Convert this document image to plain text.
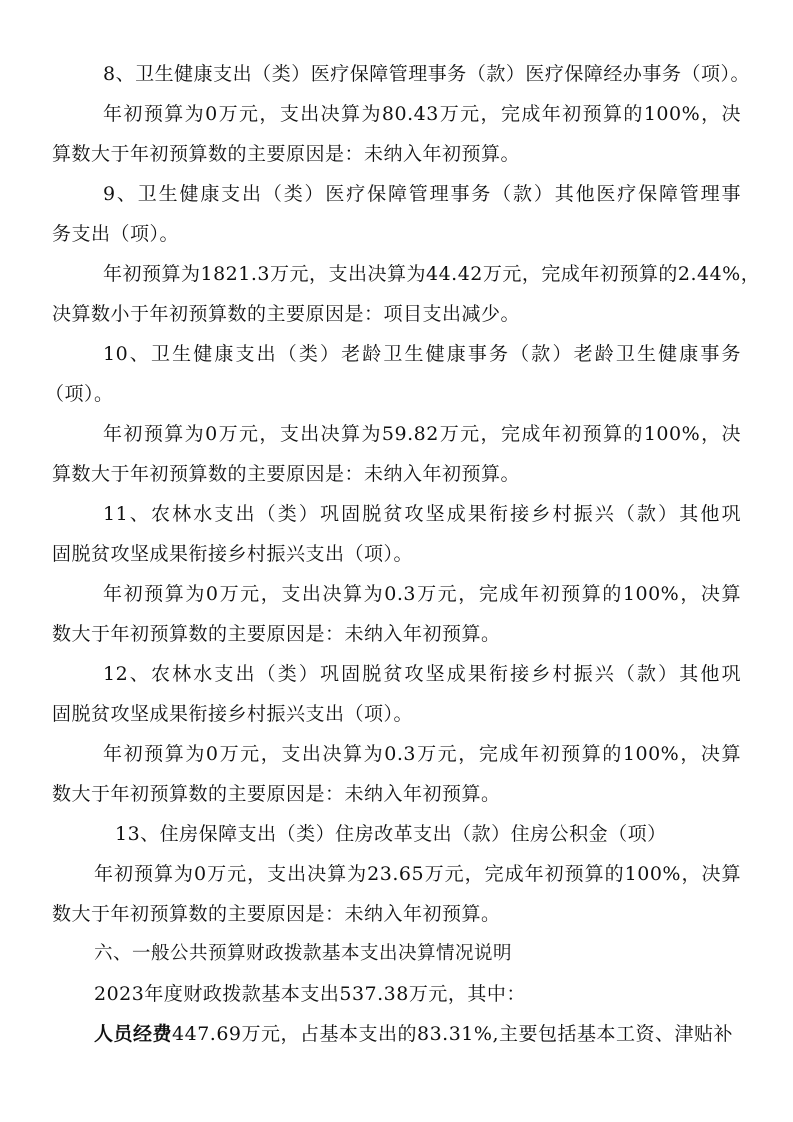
8、卫生健康支出（类）医疗保障管理事务（款）医疗保障经办事务（项）。
年初预算为0万元，支出决算为80.43万元，完成年初预算的100%，决
算数大于年初预算数的主要原因是：未纳入年初预算。
9、卫生健康支出（类）医疗保障管理事务（款）其他医疗保障管理事
务支出（项）。
年初预算为1821.3万元，支出决算为44.42万元，完成年初预算的2.44%，
决算数小于年初预算数的主要原因是：项目支出减少。
10、卫生健康支出（类）老龄卫生健康事务（款）老龄卫生健康事务
（项）。
年初预算为0万元，支出决算为59.82万元，完成年初预算的100%，决
算数大于年初预算数的主要原因是：未纳入年初预算。
11、农林水支出（类）巩固脱贫攻坚成果衔接乡村振兴（款）其他巩
固脱贫攻坚成果衔接乡村振兴支出（项）。
年初预算为0万元，支出决算为0.3万元，完成年初预算的100%，决算
数大于年初预算数的主要原因是：未纳入年初预算。
12、农林水支出（类）巩固脱贫攻坚成果衔接乡村振兴（款）其他巩
固脱贫攻坚成果衔接乡村振兴支出（项）。
年初预算为0万元，支出决算为0.3万元，完成年初预算的100%，决算
数大于年初预算数的主要原因是：未纳入年初预算。
13、住房保障支出（类）住房改革支出（款）住房公积金（项）
年初预算为0万元，支出决算为23.65万元，完成年初预算的100%，决算
数大于年初预算数的主要原因是：未纳入年初预算。
六、一般公共预算财政拨款基本支出决算情况说明
2023年度财政拨款基本支出537.38万元，其中：
人员经费447.69万元，占基本支出的83.31%,主要包括基本工资、津贴补
